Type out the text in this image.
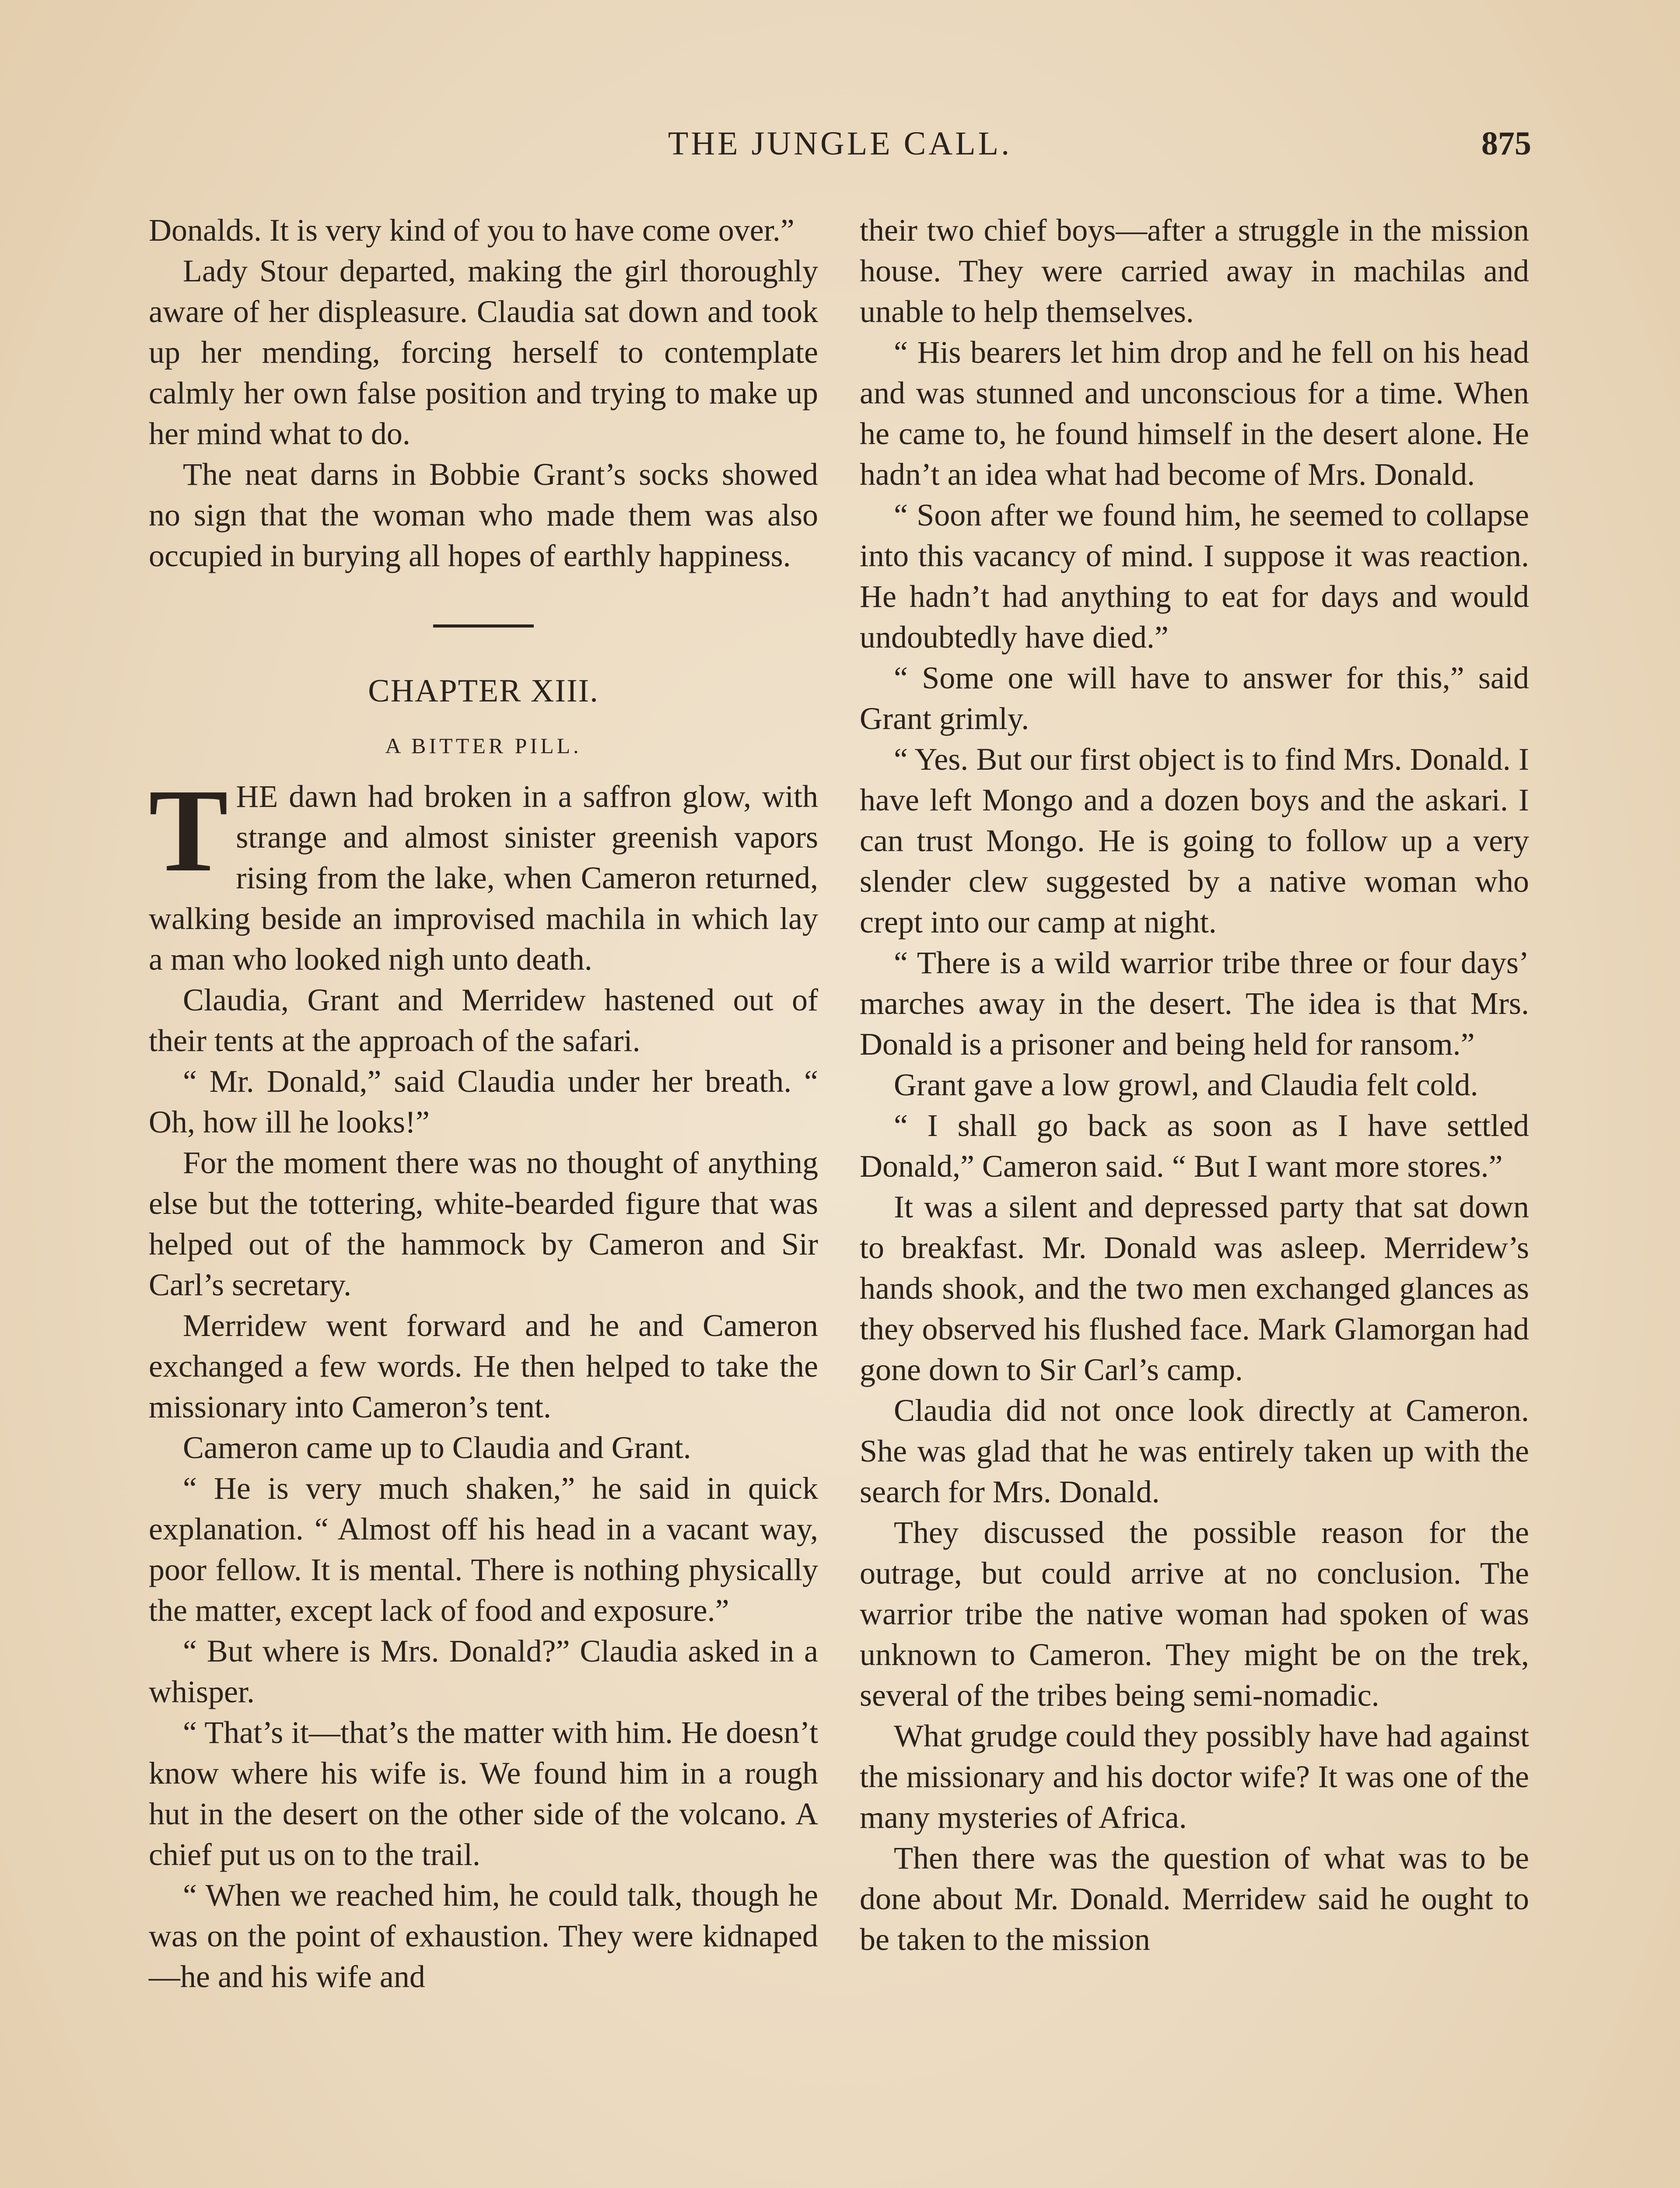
THE JUNGLE CALL.	875

Donalds. It is very kind of you to have come over.”

Lady Stour departed, making the girl thoroughly aware of her displeasure. Claudia sat down and took up her mending, forcing herself to contemplate calmly her own false position and trying to make up her mind what to do.

The neat darns in Bobbie Grant’s socks showed no sign that the woman who made them was also occupied in burying all hopes of earthly happiness.

CHAPTER XIII.
A BITTER PILL.

THE dawn had broken in a saffron glow, with strange and almost sinister greenish vapors rising from the lake, when Cameron returned, walking beside an improvised machila in which lay a man who looked nigh unto death.

Claudia, Grant and Merridew hastened out of their tents at the approach of the safari.

“ Mr. Donald,” said Claudia under her breath. “ Oh, how ill he looks!”

For the moment there was no thought of anything else but the tottering, white-bearded figure that was helped out of the hammock by Cameron and Sir Carl’s secretary.

Merridew went forward and he and Cameron exchanged a few words. He then helped to take the missionary into Cameron’s tent.

Cameron came up to Claudia and Grant.

“ He is very much shaken,” he said in quick explanation. “ Almost off his head in a vacant way, poor fellow. It is mental. There is nothing physically the matter, except lack of food and exposure.”

“ But where is Mrs. Donald?” Claudia asked in a whisper.

“ That’s it—that’s the matter with him. He doesn’t know where his wife is. We found him in a rough hut in the desert on the other side of the volcano. A chief put us on to the trail.

“ When we reached him, he could talk, though he was on the point of exhaustion. They were kidnaped—he and his wife and

their two chief boys—after a struggle in the mission house. They were carried away in machilas and unable to help themselves.

“ His bearers let him drop and he fell on his head and was stunned and unconscious for a time. When he came to, he found himself in the desert alone. He hadn’t an idea what had become of Mrs. Donald.

“ Soon after we found him, he seemed to collapse into this vacancy of mind. I suppose it was reaction. He hadn’t had anything to eat for days and would undoubtedly have died.”

“ Some one will have to answer for this,” said Grant grimly.

“ Yes. But our first object is to find Mrs. Donald. I have left Mongo and a dozen boys and the askari. I can trust Mongo. He is going to follow up a very slender clew suggested by a native woman who crept into our camp at night.

“ There is a wild warrior tribe three or four days’ marches away in the desert. The idea is that Mrs. Donald is a prisoner and being held for ransom.”

Grant gave a low growl, and Claudia felt cold.

“ I shall go back as soon as I have settled Donald,” Cameron said. “ But I want more stores.”

It was a silent and depressed party that sat down to breakfast. Mr. Donald was asleep. Merridew’s hands shook, and the two men exchanged glances as they observed his flushed face. Mark Glamorgan had gone down to Sir Carl’s camp.

Claudia did not once look directly at Cameron. She was glad that he was entirely taken up with the search for Mrs. Donald.

They discussed the possible reason for the outrage, but could arrive at no conclusion. The warrior tribe the native woman had spoken of was unknown to Cameron. They might be on the trek, several of the tribes being semi-nomadic.

What grudge could they possibly have had against the missionary and his doctor wife? It was one of the many mysteries of Africa.

Then there was the question of what was to be done about Mr. Donald. Merridew said he ought to be taken to the mission
